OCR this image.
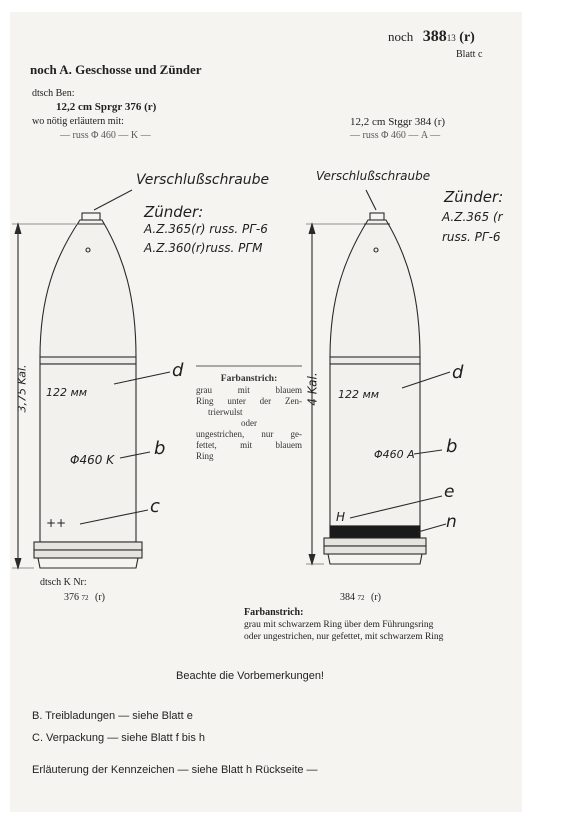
noch 38813 (r)
Blatt c
noch A. Geschosse und Zünder
dtsch Ben:
12,2 cm Sprgr 376 (r)
wo nötig erläutern mit:
— russ Φ 460 — K —
12,2 cm Stggr 384 (r)
— russ Φ 460 — A —
Verschlußschraube
Zünder:
A.Z.365(r) russ. PΓ-6
A.Z.360(r)russ. PΓM
3,75 Kal. 122 мм
Φ460 K
++
d
b
c
Farbanstrich:
grau mit blauem
Ring unter der Zen-
trierwulst
oder
ungestrichen, nur ge-
fettet, mit blauem
Ring
Verschlußschraube
Zünder:
A.Z.365 (r
russ. PΓ-6
4 Kal. 122 мм
Φ460 A
H
d
b
e
n
dtsch K Nr:
376 72 (r)	384 72 (r)
Farbanstrich:
grau mit schwarzem Ring über dem Führungsring
oder ungestrichen, nur gefettet, mit schwarzem Ring
Beachte die Vorbemerkungen!
B. Treibladungen — siehe Blatt e
C. Verpackung — siehe Blatt f bis h
Erläuterung der Kennzeichen — siehe Blatt h Rückseite —
